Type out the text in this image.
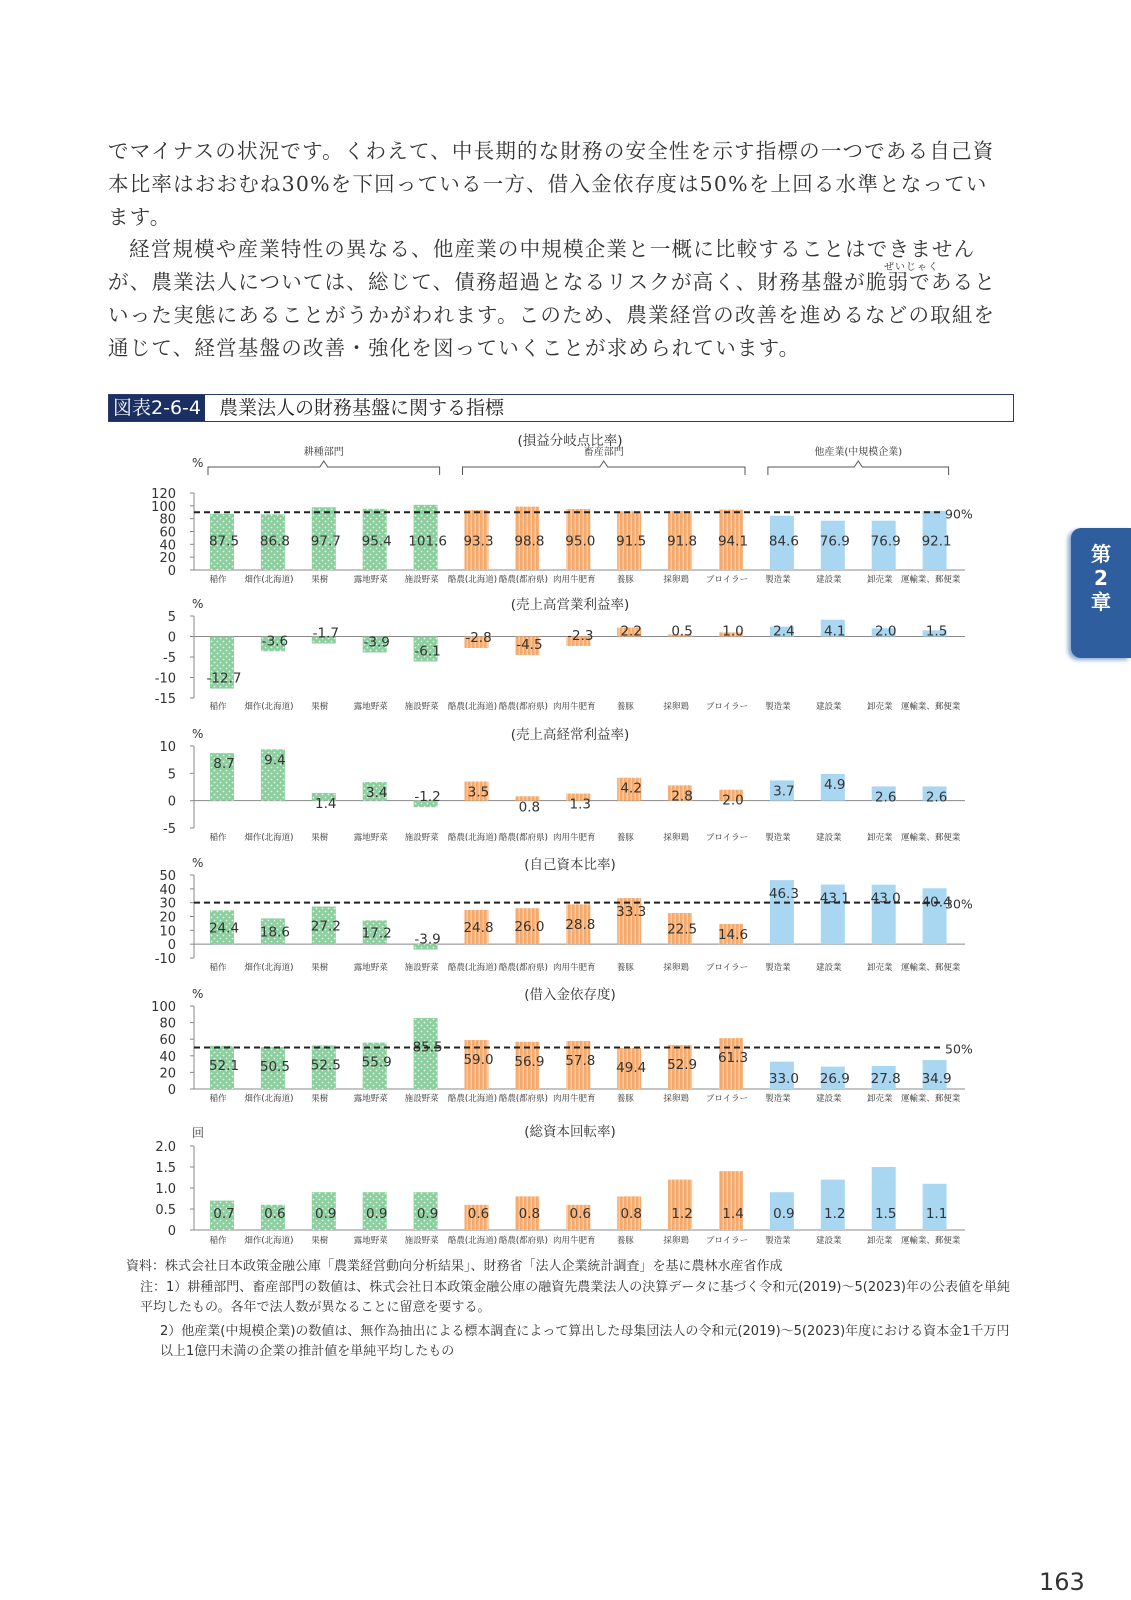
でマイナスの状況です。くわえて、中長期的な財務の安全性を示す指標の一つである自己資本比率はおおむね30%を下回っている一方、借入金依存度は50%を上回る水準となっています。

経営規模や産業特性の異なる、他産業の中規模企業と一概に比較することはできませんが、農業法人については、総じて、債務超過となるリスクが高く、財務基盤が脆弱であるといった実態にあることがうかがわれます。このため、農業経営の改善を進めるなどの取組を通じて、経営基盤の改善・強化を図っていくことが求められています。

ぜいじゃく
図表2-6-4 農業法人の財務基盤に関する指標
第
2
章
(損益分岐点比率)
%
0
20
40
60
80
100
120
87.5 86.8 97.7 95.4 101.6 93.3 98.8 95.0 91.5 91.8 94.1 84.6 76.9 76.9 92.1
90%
稲作 畑作(北海道) 果樹	露地野菜 施設野菜 酪農(北海道) 酪農(都府県) 肉用牛肥育 養豚	採卵鶏 ブロイラー 製造業	建設業	卸売業 運輸業、郵便業
耕種部門	畜産部門	他産業(中規模企業)
(売上高営業利益率)
%
-15
-10
-5
0
5
-12.7
-3.6 -1.7
-3.9
-6.1
-2.8 -4.5
-2.3 2.2 0.5 1.0 2.4 4.1 2.0 1.5
稲作 畑作(北海道) 果樹	露地野菜 施設野菜 酪農(北海道) 酪農(都府県) 肉用牛肥育 養豚	採卵鶏 ブロイラー 製造業	建設業	卸売業 運輸業、郵便業
(売上高経常利益率)
%
-5
0
5
10
8.7 9.4
1.4
3.4 -1.2 3.5
0.8 1.3
4.2 2.8 2.0
3.7 4.9
2.6 2.6
稲作 畑作(北海道) 果樹	露地野菜 施設野菜 酪農(北海道) 酪農(都府県) 肉用牛肥育 養豚	採卵鶏 ブロイラー 製造業	建設業	卸売業 運輸業、郵便業
(自己資本比率)
%
-10
0
10
20
30
40
50
24.4 18.6 27.2 17.2 -3.9
24.8 26.0 28.8
33.3
22.5 14.6
46.3 43.1 43.0 40.4
30%
稲作 畑作(北海道) 果樹	露地野菜 施設野菜 酪農(北海道) 酪農(都府県) 肉用牛肥育 養豚	採卵鶏 ブロイラー 製造業	建設業	卸売業 運輸業、郵便業
(借入金依存度)
%
0
20
40
60
80
100
52.1 50.5 52.5 55.9
85.5
59.0 56.9 57.8 49.4 52.9 61.3
33.0 26.9 27.8 34.9
50%
稲作 畑作(北海道) 果樹	露地野菜 施設野菜 酪農(北海道) 酪農(都府県) 肉用牛肥育 養豚	採卵鶏 ブロイラー 製造業	建設業	卸売業 運輸業、郵便業
(総資本回転率)
回
0
0.5
1.0
1.5
2.0
0.7 0.6 0.9 0.9 0.9 0.6 0.8 0.6 0.8 1.2 1.4 0.9 1.2 1.5 1.1
稲作 畑作(北海道) 果樹	露地野菜 施設野菜 酪農(北海道) 酪農(都府県) 肉用牛肥育 養豚	採卵鶏 ブロイラー 製造業	建設業	卸売業 運輸業、郵便業

資料：株式会社日本政策金融公庫「農業経営動向分析結果」、財務省「法人企業統計調査」を基に農林水産省作成

注：1）耕種部門、畜産部門の数値は、株式会社日本政策金融公庫の融資先農業法人の決算データに基づく令和元(2019)～5(2023)年の公表値を単純平均したもの。各年で法人数が異なることに留意を要する。

2）他産業(中規模企業)の数値は、無作為抽出による標本調査によって算出した母集団法人の令和元(2019)～5(2023)年度における資本金1千万円以上1億円未満の企業の推計値を単純平均したもの

163
